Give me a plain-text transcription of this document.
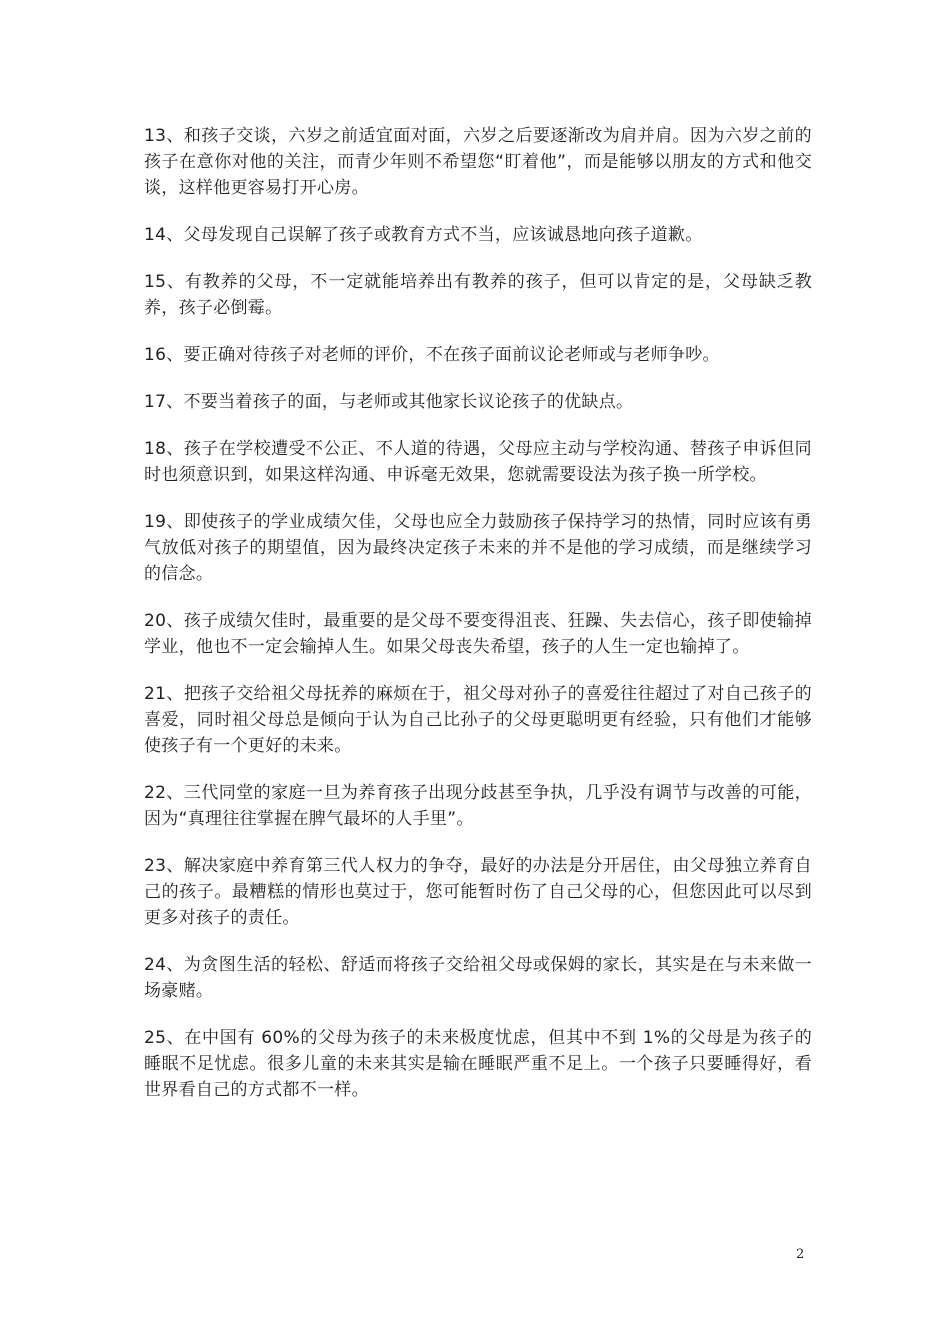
13、和孩子交谈，六岁之前适宜面对面，六岁之后要逐渐改为肩并肩。因为六岁之前的孩子在意你对他的关注，而青少年则不希望您“盯着他”，而是能够以朋友的方式和他交谈，这样他更容易打开心房。

14、父母发现自己误解了孩子或教育方式不当，应该诚恳地向孩子道歉。

15、有教养的父母，不一定就能培养出有教养的孩子，但可以肯定的是，父母缺乏教养，孩子必倒霉。

16、要正确对待孩子对老师的评价，不在孩子面前议论老师或与老师争吵。

17、不要当着孩子的面，与老师或其他家长议论孩子的优缺点。

18、孩子在学校遭受不公正、不人道的待遇，父母应主动与学校沟通、替孩子申诉但同时也须意识到，如果这样沟通、申诉毫无效果，您就需要设法为孩子换一所学校。

19、即使孩子的学业成绩欠佳，父母也应全力鼓励孩子保持学习的热情，同时应该有勇气放低对孩子的期望值，因为最终决定孩子未来的并不是他的学习成绩，而是继续学习的信念。

20、孩子成绩欠佳时，最重要的是父母不要变得沮丧、狂躁、失去信心，孩子即使输掉学业，他也不一定会输掉人生。如果父母丧失希望，孩子的人生一定也输掉了。

21、把孩子交给祖父母抚养的麻烦在于，祖父母对孙子的喜爱往往超过了对自己孩子的喜爱，同时祖父母总是倾向于认为自己比孙子的父母更聪明更有经验，只有他们才能够使孩子有一个更好的未来。

22、三代同堂的家庭一旦为养育孩子出现分歧甚至争执，几乎没有调节与改善的可能，因为“真理往往掌握在脾气最坏的人手里”。

23、解决家庭中养育第三代人权力的争夺，最好的办法是分开居住，由父母独立养育自己的孩子。最糟糕的情形也莫过于，您可能暂时伤了自己父母的心，但您因此可以尽到更多对孩子的责任。

24、为贪图生活的轻松、舒适而将孩子交给祖父母或保姆的家长，其实是在与未来做一场豪赌。

25、在中国有 60%的父母为孩子的未来极度忧虑，但其中不到 1%的父母是为孩子的睡眠不足忧虑。很多儿童的未来其实是输在睡眠严重不足上。一个孩子只要睡得好，看世界看自己的方式都不一样。

2
